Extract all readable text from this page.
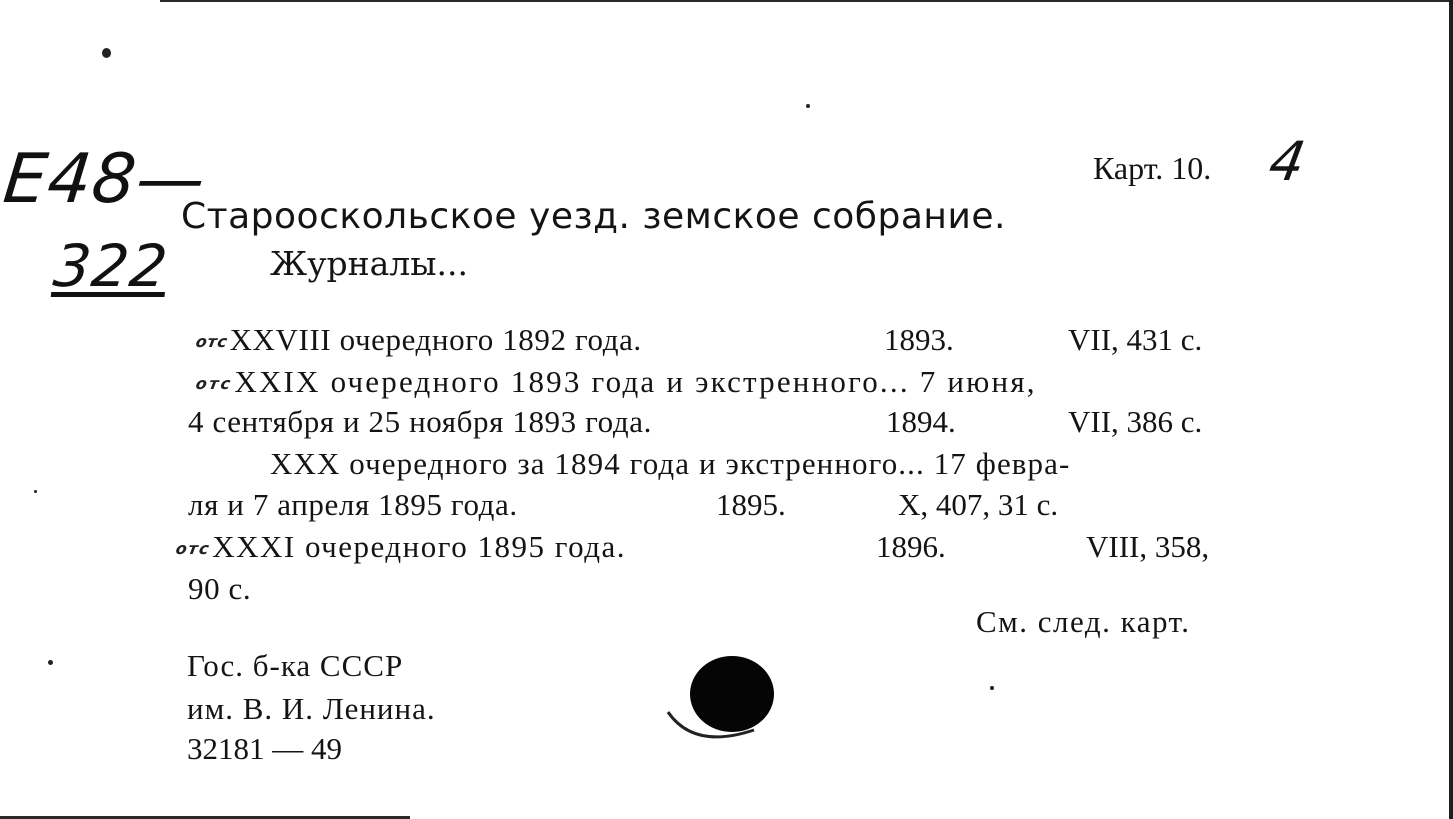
Е48—
322
Карт. 10. 4
Старооскольское уезд. земское собрание.
Журналы...
отсXXVIII очередного 1892 года.	1893.	VII, 431 с.
отсXXIX очередного 1893 года и экстренного... 7 июня,
4 сентября и 25 ноября 1893 года.	1894.	VII, 386 с.
XXX очередного за 1894 года и экстренного... 17 февра-
ля и 7 апреля 1895 года.	1895.	X, 407, 31 с.
отсXXXI очередного 1895 года.	1896.	VIII, 358,
90 с.
См. след. карт.
Гос. б-ка СССР
им. В. И. Ленина.
32181 — 49
